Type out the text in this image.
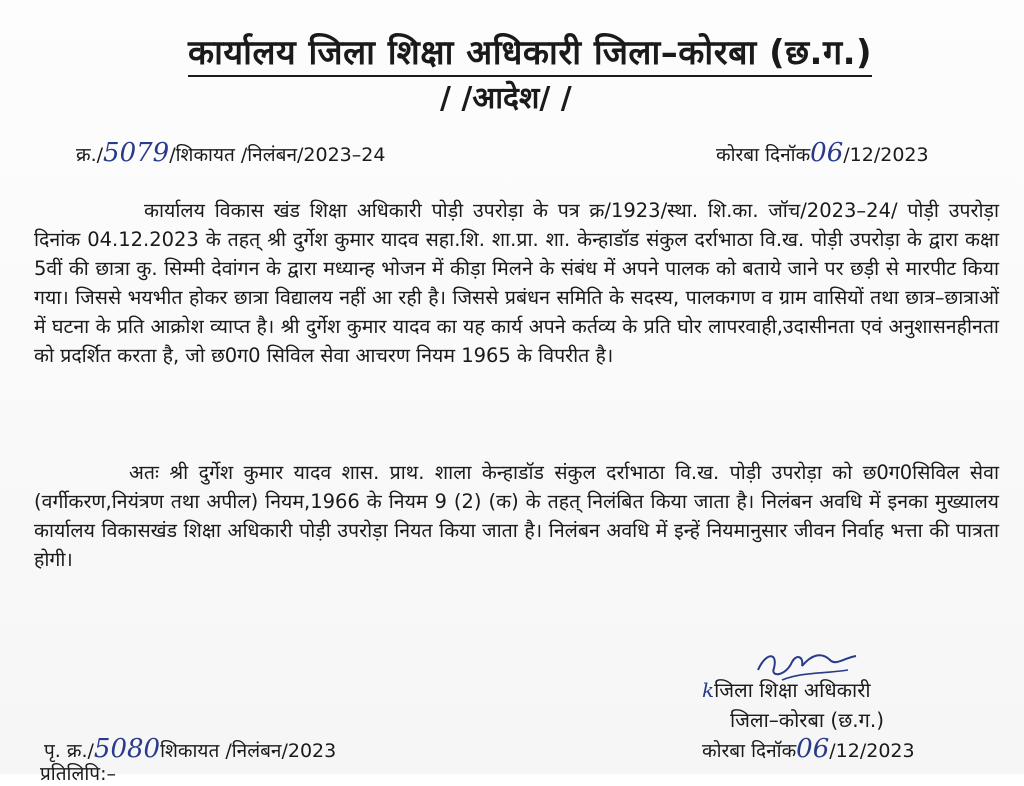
कार्यालय जिला शिक्षा अधिकारी जिला–कोरबा (छ.ग.)
/ /आदेश/ /
क्र./5079/शिकायत /निलंबन/2023–24	कोरबा दिनॉक06/12/2023

कार्यालय विकास खंड शिक्षा अधिकारी पोड़ी उपरोड़ा के पत्र क्र/1923/स्था. शि.का. जॉच/2023–24/ पोड़ी उपरोड़ा दिनांक 04.12.2023 के तहत् श्री दुर्गेश कुमार यादव सहा.शि. शा.प्रा. शा. केन्हाडॉड संकुल दर्राभाठा वि.ख. पोड़ी उपरोड़ा के द्वारा कक्षा 5वीं की छात्रा कु. सिम्मी देवांगन के द्वारा मध्यान्ह भोजन में कीड़ा मिलने के संबंध में अपने पालक को बताये जाने पर छड़ी से मारपीट किया गया। जिससे भयभीत होकर छात्रा विद्यालय नहीं आ रही है। जिससे प्रबंधन समिति के सदस्य, पालकगण व ग्राम वासियों तथा छात्र–छात्राओं में घटना के प्रति आक्रोश व्याप्त है। श्री दुर्गेश कुमार यादव का यह कार्य अपने कर्तव्य के प्रति घोर लापरवाही,उदासीनता एवं अनुशासनहीनता को प्रदर्शित करता है, जो छ0ग0 सिविल सेवा आचरण नियम 1965 के विपरीत है।

अतः श्री दुर्गेश कुमार यादव शास. प्राथ. शाला केन्हाडॉड संकुल दर्राभाठा वि.ख. पोड़ी उपरोड़ा को छ0ग0सिविल सेवा (वर्गीकरण,नियंत्रण तथा अपील) नियम,1966 के नियम 9 (2) (क) के तहत् निलंबित किया जाता है। निलंबन अवधि में इनका मुख्यालय कार्यालय विकासखंड शिक्षा अधिकारी पोड़ी उपरोड़ा नियत किया जाता है। निलंबन अवधि में इन्हें नियमानुसार जीवन निर्वाह भत्ता की पात्रता होगी।

kजिला शिक्षा अधिकारी
जिला–कोरबा (छ.ग.)
पृ. क्र./5080शिकायत /निलंबन/2023	कोरबा दिनॉक06/12/2023
प्रतिलिपि:–
